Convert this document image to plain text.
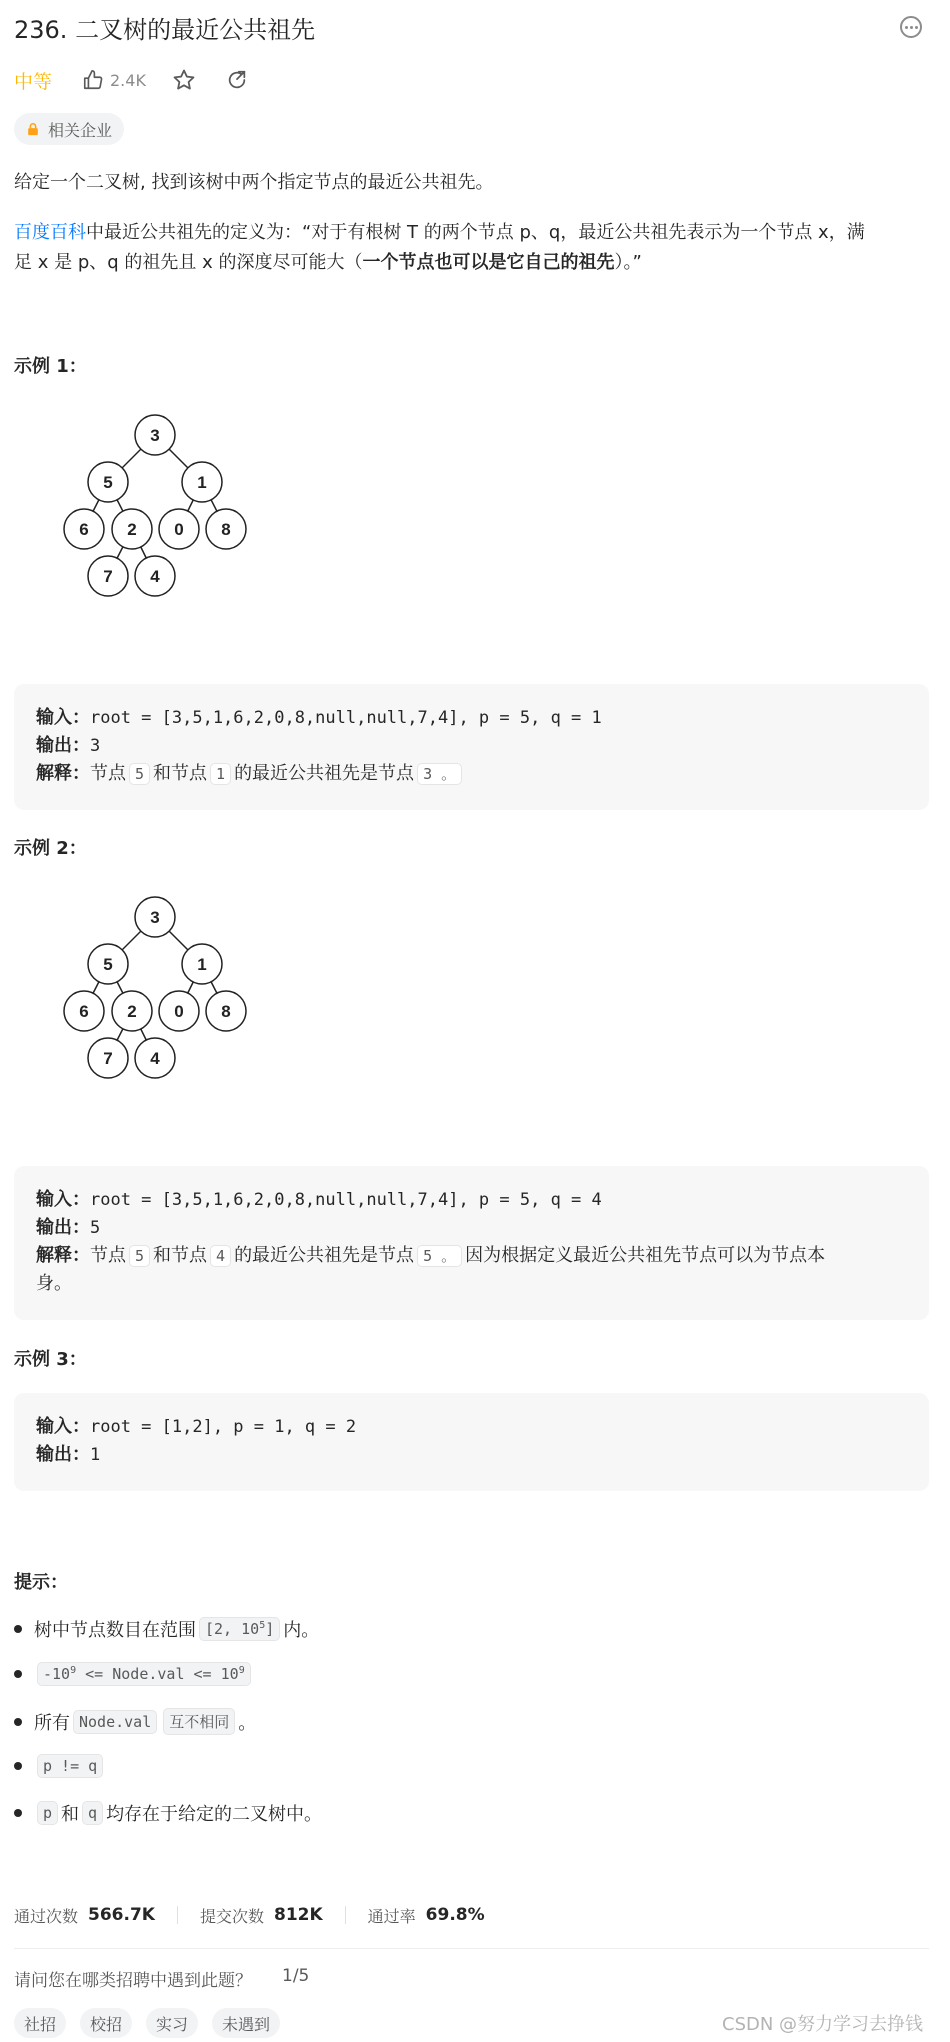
236. 二叉树的最近公共祖先
中等	2.4K
相关企业
给定一个二叉树, 找到该树中两个指定节点的最近公共祖先。
百度百科中最近公共祖先的定义为：“对于有根树 T 的两个节点 p、q，最近公共祖先表示为一个节点 x，满
足 x 是 p、q 的祖先且 x 的深度尽可能大（一个节点也可以是它自己的祖先）。”
示例 1：
3
5	1
6 2 0 8
7 4
输入：root = [3,5,1,6,2,0,8,null,null,7,4], p = 5, q = 1
输出：3
解释：节点 5 和节点 1 的最近公共祖先是节点 3 。
示例 2：
3
5	1
6 2 0 8
7 4
输入：root = [3,5,1,6,2,0,8,null,null,7,4], p = 5, q = 4
输出：5
解释：节点 5 和节点 4 的最近公共祖先是节点 5 。 因为根据定义最近公共祖先节点可以为节点本
身。
示例 3：
输入：root = [1,2], p = 1, q = 2
输出：1
提示：
树中节点数目在范围 [2, $10^5$] 内。
$-10^9$ <= Node.val <= $10^9$
所有 Node.val	互不相同 。
p != q
p 和 q 均存在于给定的二叉树中。
通过次数 566.7K	提交次数 812K	通过率 69.8%
请问您在哪类招聘中遇到此题？ 1/5
社招	校招	实习	未遇到	CSDN @努力学习去挣钱
